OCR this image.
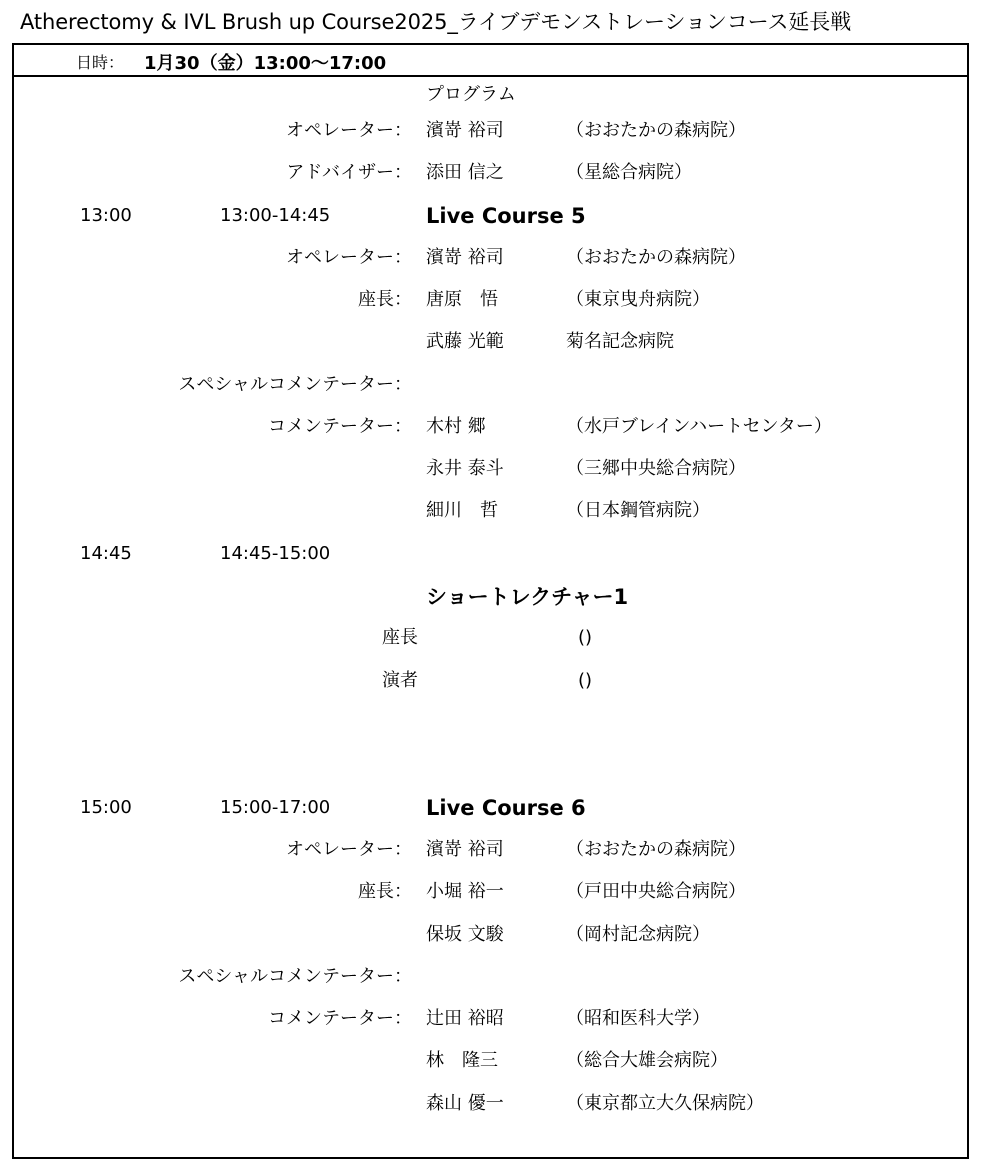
Atherectomy & IVL Brush up Course2025_ライブデモンストレーションコース延長戦
日時： 1月30（金）13:00～17:00
プログラム
オペレーター： 濱嵜 裕司	（おおたかの森病院）
アドバイザー： 添田 信之	（星総合病院）
13:00	13:00-14:45	Live Course 5
オペレーター： 濱嵜 裕司	（おおたかの森病院）
座長： 唐原　悟	（東京曳舟病院）
武藤 光範	菊名記念病院
スペシャルコメンテーター：
コメンテーター： 木村 郷	（水戸ブレインハートセンター）
永井 泰斗	（三郷中央総合病院）
細川　哲	（日本鋼管病院）
14:45	14:45-15:00
ショートレクチャー1
座長	()
演者	()
15:00	15:00-17:00	Live Course 6
オペレーター： 濱嵜 裕司	（おおたかの森病院）
座長： 小堀 裕一	（戸田中央総合病院）
保坂 文駿	（岡村記念病院）
スペシャルコメンテーター：
コメンテーター： 辻田 裕昭	（昭和医科大学）
林　隆三	（総合大雄会病院）
森山 優一	（東京都立大久保病院）
